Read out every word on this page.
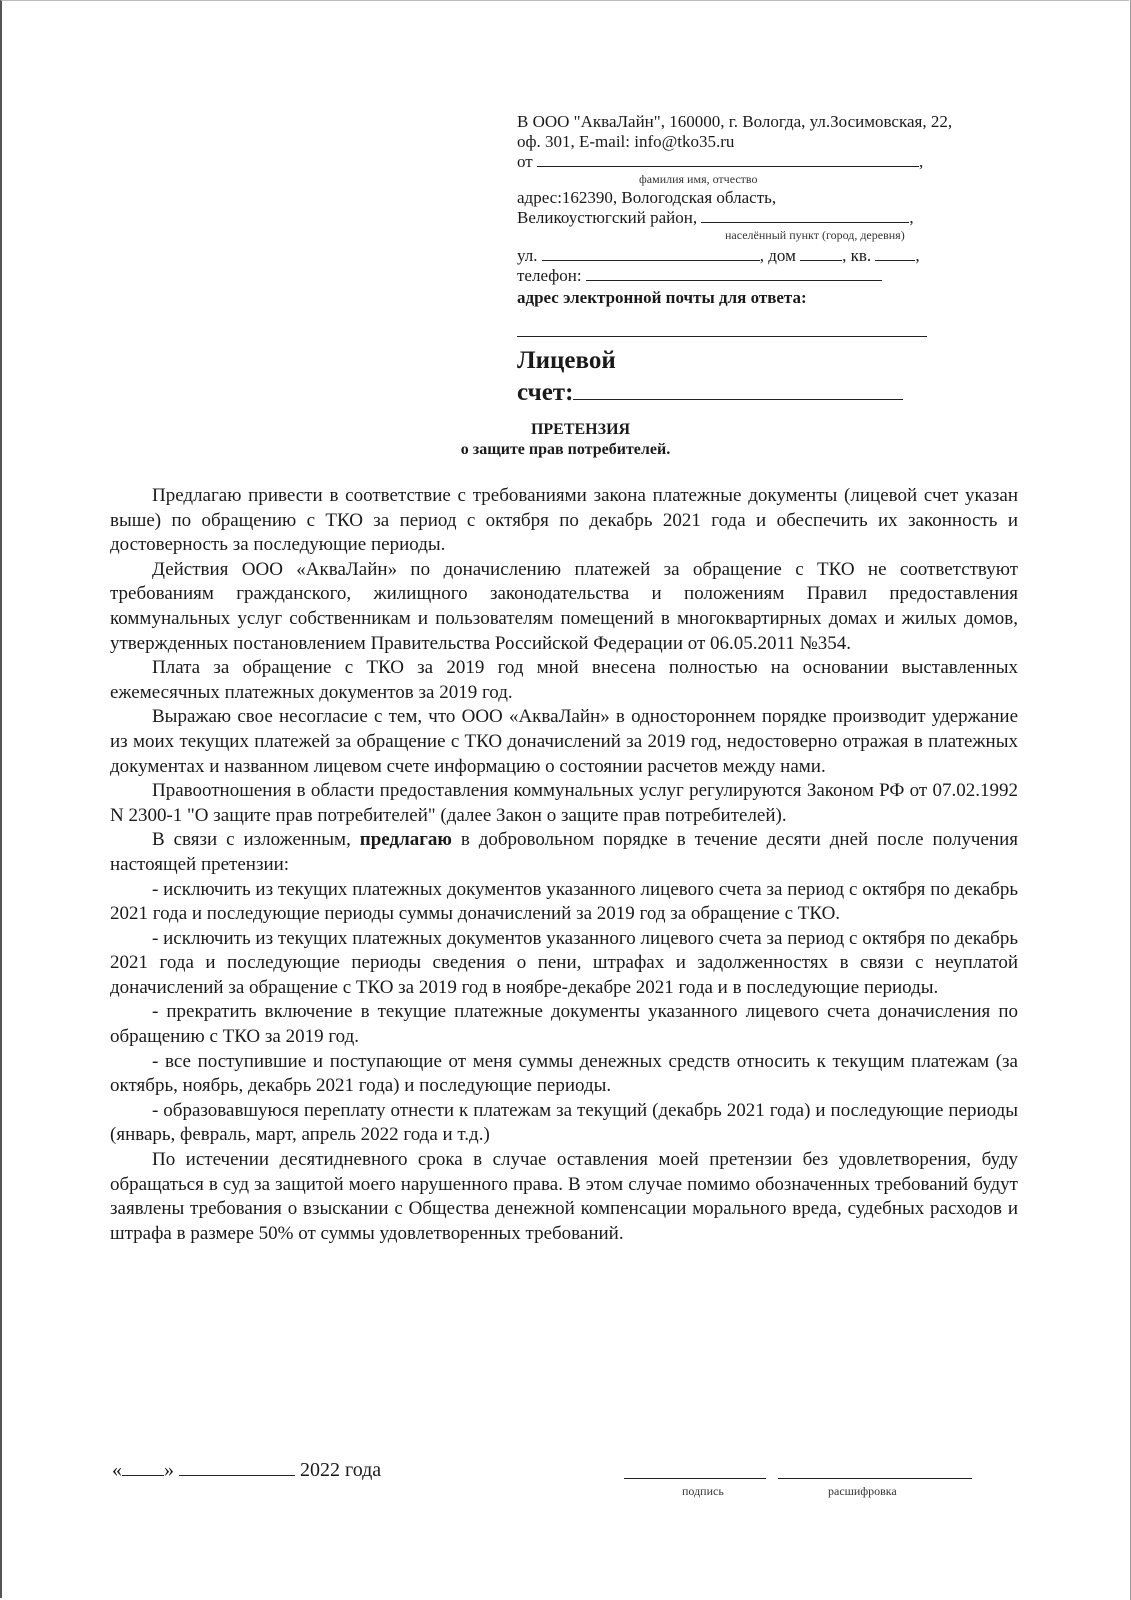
В ООО "АкваЛайн", 160000, г. Вологда, ул.Зосимовская, 22,
оф. 301, E-mail: info@tko35.ru
от	,
фамилия имя, отчество
адрес:162390, Вологодская область,
Великоустюгский район,	,
населённый пункт (город, деревня)
ул.	, дом	, кв.	,
телефон:
адрес электронной почты для ответа:
Лицевой
счет:
ПРЕТЕНЗИЯ
о защите прав потребителей.

Предлагаю привести в соответствие с требованиями закона платежные документы (лицевой счет указан выше) по обращению с ТКО за период с октября по декабрь 2021 года и обеспечить их законность и достоверность за последующие периоды.

Действия ООО «АкваЛайн» по доначислению платежей за обращение с ТКО не соответствуют требованиям гражданского, жилищного законодательства и положениям Правил предоставления коммунальных услуг собственникам и пользователям помещений в многоквартирных домах и жилых домов, утвержденных постановлением Правительства Российской Федерации от 06.05.2011 №354.

Плата за обращение с ТКО за 2019 год мной внесена полностью на основании выставленных ежемесячных платежных документов за 2019 год.

Выражаю свое несогласие с тем, что ООО «АкваЛайн» в одностороннем порядке производит удержание из моих текущих платежей за обращение с ТКО доначислений за 2019 год, недостоверно отражая в платежных документах и названном лицевом счете информацию о состоянии расчетов между нами.

Правоотношения в области предоставления коммунальных услуг регулируются Законом РФ от 07.02.1992 N 2300-1 "О защите прав потребителей" (далее Закон о защите прав потребителей).

В связи с изложенным, предлагаю в добровольном порядке в течение десяти дней после получения настоящей претензии:

- исключить из текущих платежных документов указанного лицевого счета за период с октября по декабрь 2021 года и последующие периоды суммы доначислений за 2019 год за обращение с ТКО.

- исключить из текущих платежных документов указанного лицевого счета за период с октября по декабрь 2021 года и последующие периоды сведения о пени, штрафах и задолженностях в связи с неуплатой доначислений за обращение с ТКО за 2019 год в ноябре-декабре 2021 года и в последующие периоды.

- прекратить включение в текущие платежные документы указанного лицевого счета доначисления по обращению с ТКО за 2019 год.

- все поступившие и поступающие от меня суммы денежных средств относить к текущим платежам (за октябрь, ноябрь, декабрь 2021 года) и последующие периоды.

- образовавшуюся переплату отнести к платежам за текущий (декабрь 2021 года) и последующие периоды (январь, февраль, март, апрель 2022 года и т.д.)

По истечении десятидневного срока в случае оставления моей претензии без удовлетворения, буду обращаться в суд за защитой моего нарушенного права. В этом случае помимо обозначенных требований будут заявлены требования о взыскании с Общества денежной компенсации морального вреда, судебных расходов и штрафа в размере 50% от суммы удовлетворенных требований.

« »	2022 года
подпись	расшифровка
